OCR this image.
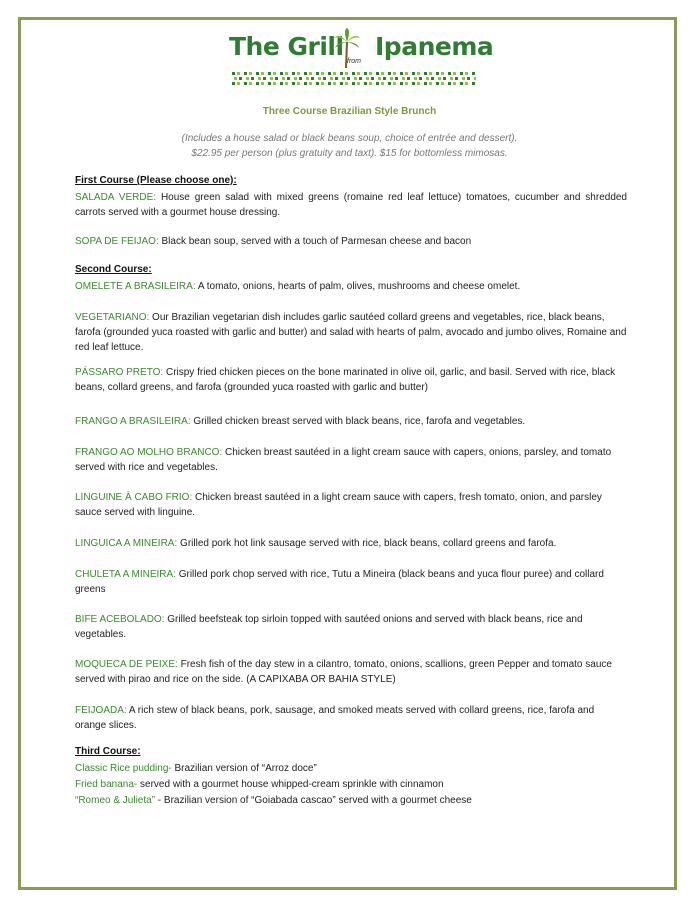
The Grill
from
Ipanema
Three Course Brazilian Style Brunch
(Includes a house salad or black beans soup, choice of entrée and dessert).
$22.95 per person (plus gratuity and taxt). $15 for bottomless mimosas.
First Course (Please choose one):
SALADA VERDE: House green salad with mixed greens (romaine red leaf lettuce) tomatoes, cucumber and shredded carrots served with a gourmet house dressing.
SOPA DE FEIJAO: Black bean soup, served with a touch of Parmesan cheese and bacon
Second Course:
OMELETE A BRASILEIRA: A tomato, onions, hearts of palm, olives, mushrooms and cheese omelet.
VEGETARIANO: Our Brazilian vegetarian dish includes garlic sautéed collard greens and vegetables, rice, black beans, farofa (grounded yuca roasted with garlic and butter) and salad with hearts of palm, avocado and jumbo olives, Romaine and red leaf lettuce.
PÁSSARO PRETO: Crispy fried chicken pieces on the bone marinated in olive oil, garlic, and basil. Served with rice, black beans, collard greens, and farofa (grounded yuca roasted with garlic and butter)
FRANGO A BRASILEIRA: Grilled chicken breast served with black beans, rice, farofa and vegetables.
FRANGO AO MOLHO BRANCO: Chicken breast sautéed in a light cream sauce with capers, onions, parsley, and tomato served with rice and vegetables.
LINGUINE À CABO FRIO: Chicken breast sautéed in a light cream sauce with capers, fresh tomato, onion, and parsley sauce served with linguine.
LINGUICA A MINEIRA: Grilled pork hot link sausage served with rice, black beans, collard greens and farofa.
CHULETA A MINEIRA: Grilled pork chop served with rice, Tutu a Mineira (black beans and yuca flour puree) and collard greens
BIFE ACEBOLADO: Grilled beefsteak top sirloin topped with sautéed onions and served with black beans, rice and vegetables.
MOQUECA DE PEIXE: Fresh fish of the day stew in a cilantro, tomato, onions, scallions, green Pepper and tomato sauce served with pirao and rice on the side. (A CAPIXABA OR BAHIA STYLE)
FEIJOADA: A rich stew of black beans, pork, sausage, and smoked meats served with collard greens, rice, farofa and orange slices.
Third Course:
Classic Rice pudding- Brazilian version of “Arroz doce”
Fried banana- served with a gourmet house whipped-cream sprinkle with cinnamon
“Romeo & Julieta” - Brazilian version of “Goiabada cascao” served with a gourmet cheese
